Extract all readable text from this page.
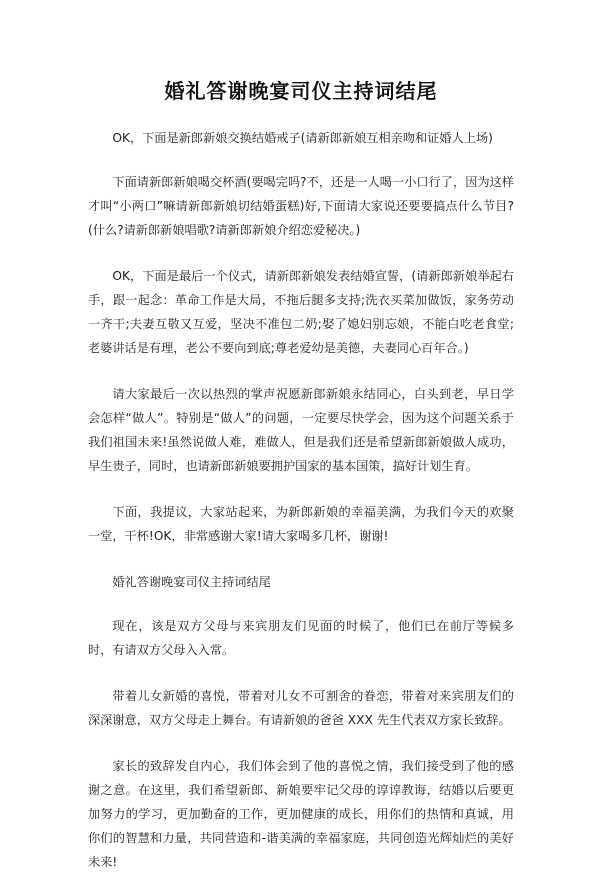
婚礼答谢晚宴司仪主持词结尾

OK，下面是新郎新娘交换结婚戒子(请新郎新娘互相亲吻和证婚人上场)

下面请新郎新娘喝交杯酒(要喝完吗?不，还是一人喝一小口行了，因为这样才叫“小两口”嘛请新郎新娘切结婚蛋糕)好,下面请大家说还要要搞点什么节目?(什么?请新郎新娘唱歌?请新郎新娘介绍恋爱秘决。)

OK，下面是最后一个仪式，请新郎新娘发表结婚宣誓，(请新郎新娘举起右手，跟一起念：革命工作是大局，不拖后腿多支持;洗衣买菜加做饭，家务劳动一齐干;夫妻互敬又互爱，坚决不准包二奶;娶了媳妇别忘娘，不能白吃老食堂;老婆讲话是有理，老公不要向到底;尊老爱幼是美德，夫妻同心百年合。)

请大家最后一次以热烈的掌声祝愿新郎新娘永结同心，白头到老，早日学会怎样“做人”。特别是“做人”的问题，一定要尽快学会，因为这个问题关系于我们祖国未来!虽然说做人难，难做人，但是我们还是希望新郎新娘做人成功，早生贵子，同时，也请新郎新娘要拥护国家的基本国策，搞好计划生育。

下面，我提议，大家站起来，为新郎新娘的幸福美满，为我们今天的欢聚一堂，干杯!OK，非常感谢大家!请大家喝多几杯，谢谢!

婚礼答谢晚宴司仪主持词结尾

现在，该是双方父母与来宾朋友们见面的时候了，他们已在前厅等候多时，有请双方父母入入常。

带着儿女新婚的喜悦，带着对儿女不可割舍的眷恋，带着对来宾朋友们的深深谢意，双方父母走上舞台。有请新娘的爸爸 XXX 先生代表双方家长致辞。

家长的致辞发自内心，我们体会到了他的喜悦之情，我们接受到了他的感谢之意。在这里，我们希望新郎、新娘要牢记父母的谆谆教诲，结婚以后要更加努力的学习，更加勤奋的工作，更加健康的成长，用你们的热情和真诚，用你们的智慧和力量，共同营造和-谐美满的幸福家庭，共同创造光辉灿烂的美好未来!
